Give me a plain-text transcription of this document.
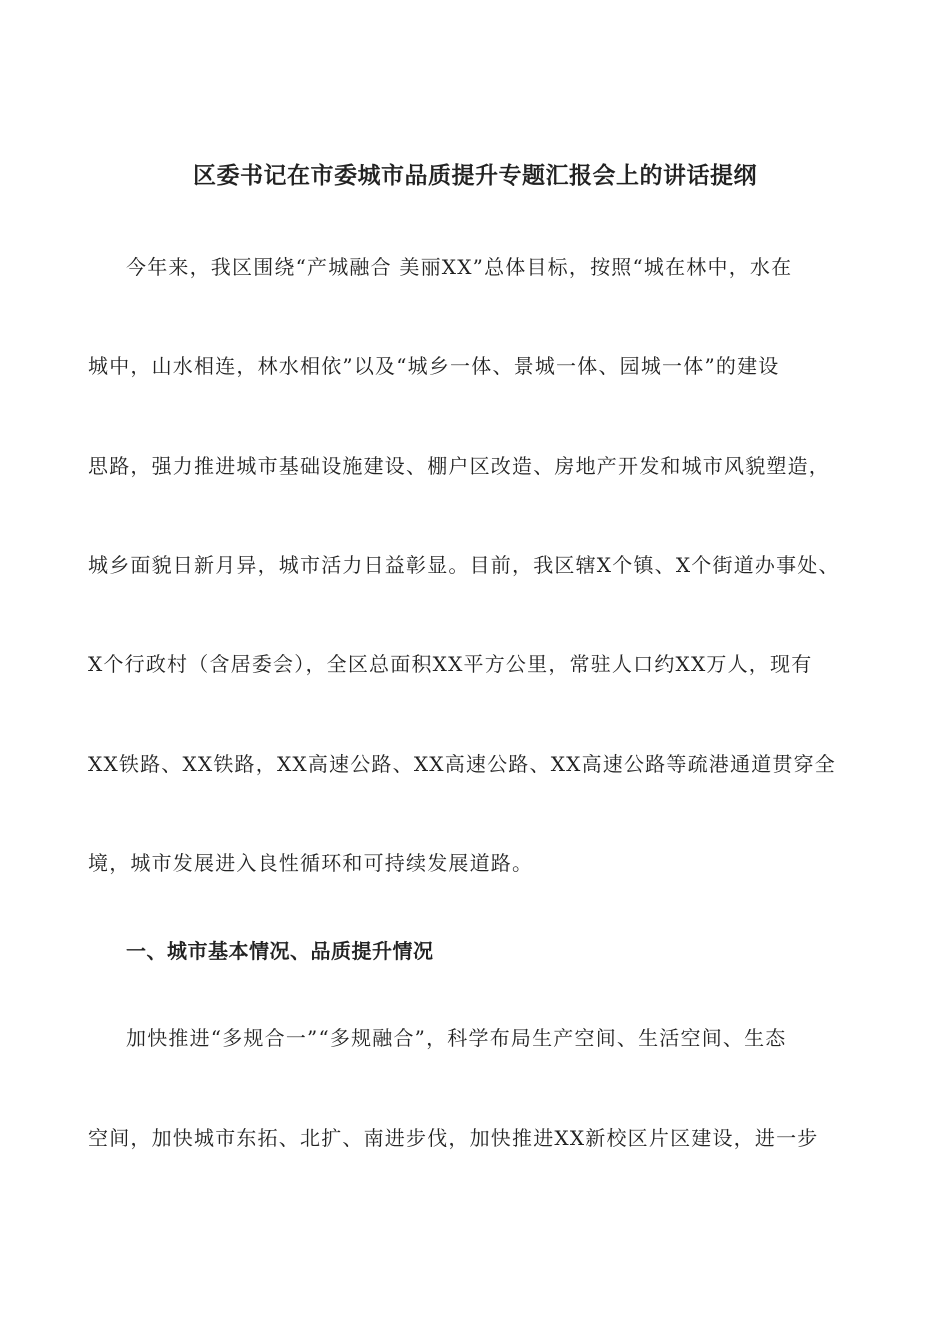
区委书记在市委城市品质提升专题汇报会上的讲话提纲
今年来，我区围绕“产城融合 美丽XX”总体目标，按照“城在林中，水在
城中，山水相连，林水相依”以及“城乡一体、景城一体、园城一体”的建设
思路，强力推进城市基础设施建设、棚户区改造、房地产开发和城市风貌塑造，
城乡面貌日新月异，城市活力日益彰显。目前，我区辖X个镇、X个街道办事处、
X个行政村（含居委会），全区总面积XX平方公里，常驻人口约XX万人，现有
XX铁路、XX铁路，XX高速公路、XX高速公路、XX高速公路等疏港通道贯穿全
境，城市发展进入良性循环和可持续发展道路。
一、城市基本情况、品质提升情况
加快推进“多规合一”“多规融合”，科学布局生产空间、生活空间、生态
空间，加快城市东拓、北扩、南进步伐，加快推进XX新校区片区建设，进一步
